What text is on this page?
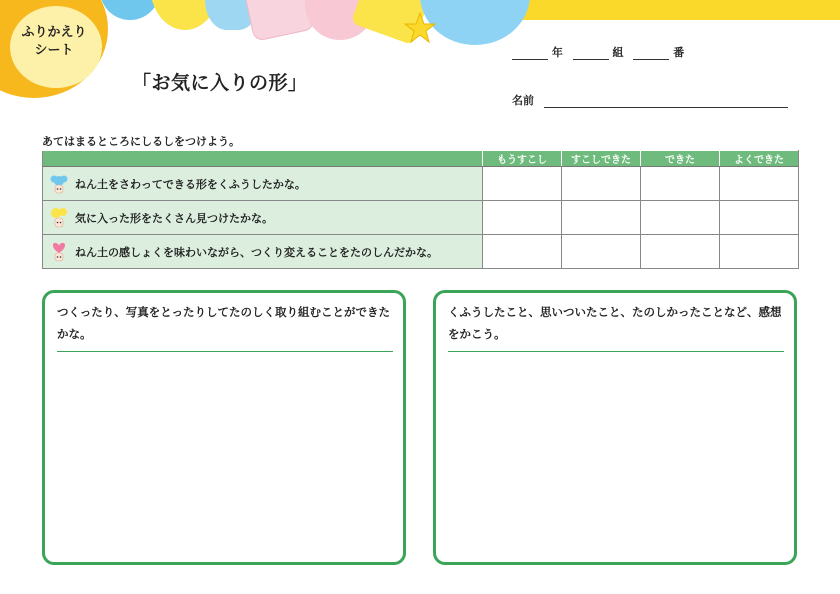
ふりかえり
シート
「お気に入りの形」
年	組	番
名前
あてはまるところにしるしをつけよう。
	もうすこし	すこしできた	できた	よくできた

ねん土をさわってできる形をくふうしたかな。				

気に入った形をたくさん見つけたかな。				

ねん土の感しょくを味わいながら、つくり変えることをたのしんだかな。				

つくったり、写真をとったりしてたのしく取り組むことができたかな。
くふうしたこと、思いついたこと、たのしかったことなど、感想をかこう。
